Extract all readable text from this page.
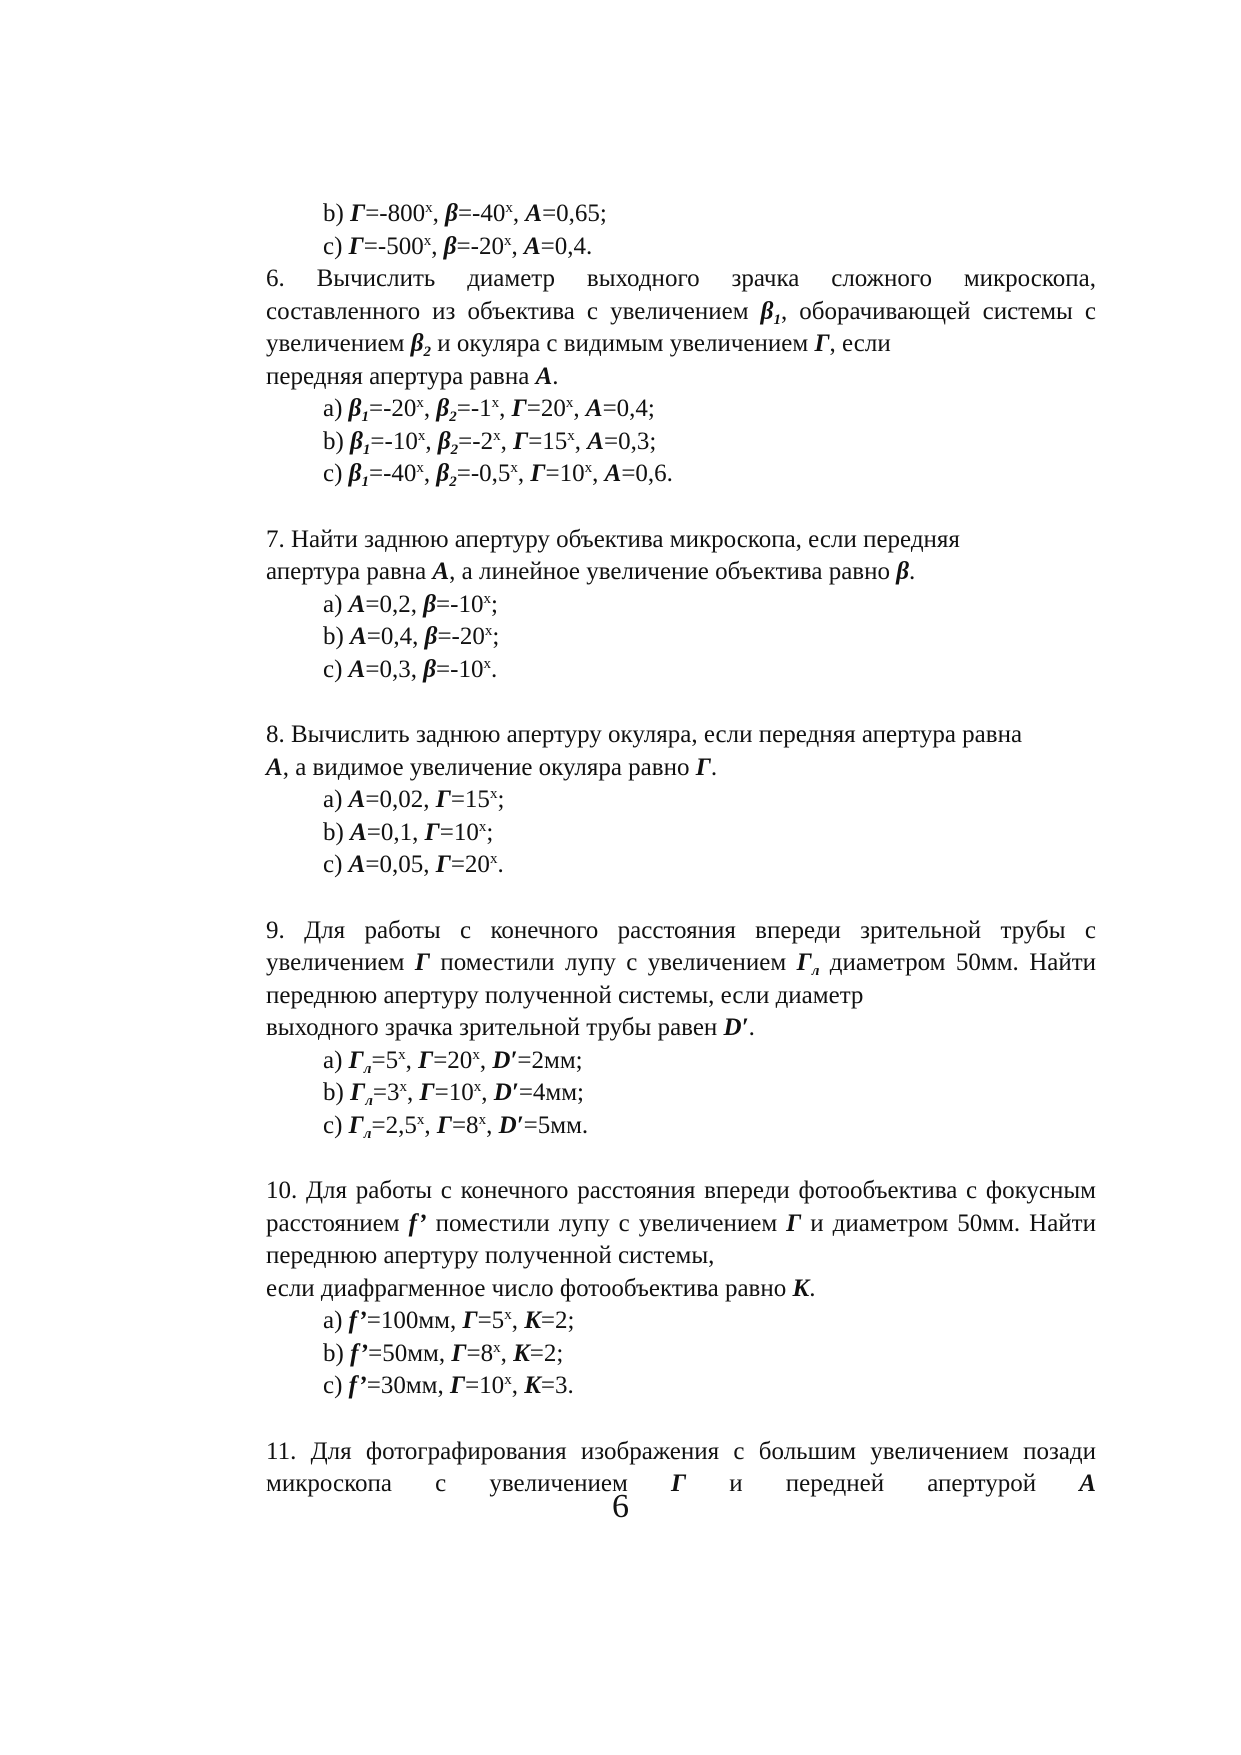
b) $Г=-800^x$, $\beta=-40^x$, A=0,65;
c) $Г=-500^x$, $\beta=-20^x$, A=0,4.
6. Вычислить диаметр выходного зрачка сложного микроскопа, составленного из объектива с увеличением $\beta_1$, оборачивающей системы с увеличением $\beta_2$ и окуляра с видимым увеличением Г, если
передняя апертура равна A.
a) $\beta_1=-20^x$, $\beta_2=-1^x$, $Г=20^x$, A=0,4;
b) $\beta_1=-10^x$, $\beta_2=-2^x$, $Г=15^x$, A=0,3;
c) $\beta_1=-40^x$, $\beta_2=-0,5^x$, $Г=10^x$, A=0,6.
7. Найти заднюю апертуру объектива микроскопа, если передняя
апертура равна A, а линейное увеличение объектива равно β.
a) A=0,2, $\beta=-10^x$;
b) A=0,4, $\beta=-20^x$;
c) A=0,3, $\beta=-10^x$.
8. Вычислить заднюю апертуру окуляра, если передняя апертура равна
A, а видимое увеличение окуляра равно Г.
a) A=0,02, $Г=15^x$;
b) A=0,1, $Г=10^x$;
c) A=0,05, $Г=20^x$.
9. Для работы с конечного расстояния впереди зрительной трубы с увеличением Г поместили лупу с увеличением $Г_л$ диаметром 50мм. Найти переднюю апертуру полученной системы, если диаметр
выходного зрачка зрительной трубы равен D′.
a) $Г_л=5^x$, $Г=20^x$, D′=2мм;
b) $Г_л=3^x$, $Г=10^x$, D′=4мм;
c) $Г_л=2,5^x$, $Г=8^x$, D′=5мм.
10. Для работы с конечного расстояния впереди фотообъектива с фокусным расстоянием f’ поместили лупу с увеличением Г и диаметром 50мм. Найти переднюю апертуру полученной системы,
если диафрагменное число фотообъектива равно K.
a) f’=100мм, $Г=5^x$, K=2;
b) f’=50мм, $Г=8^x$, K=2;
c) f’=30мм, $Г=10^x$, K=3.
11. Для фотографирования изображения с большим увеличением позади микроскопа с увеличением Г и передней апертурой A
6
